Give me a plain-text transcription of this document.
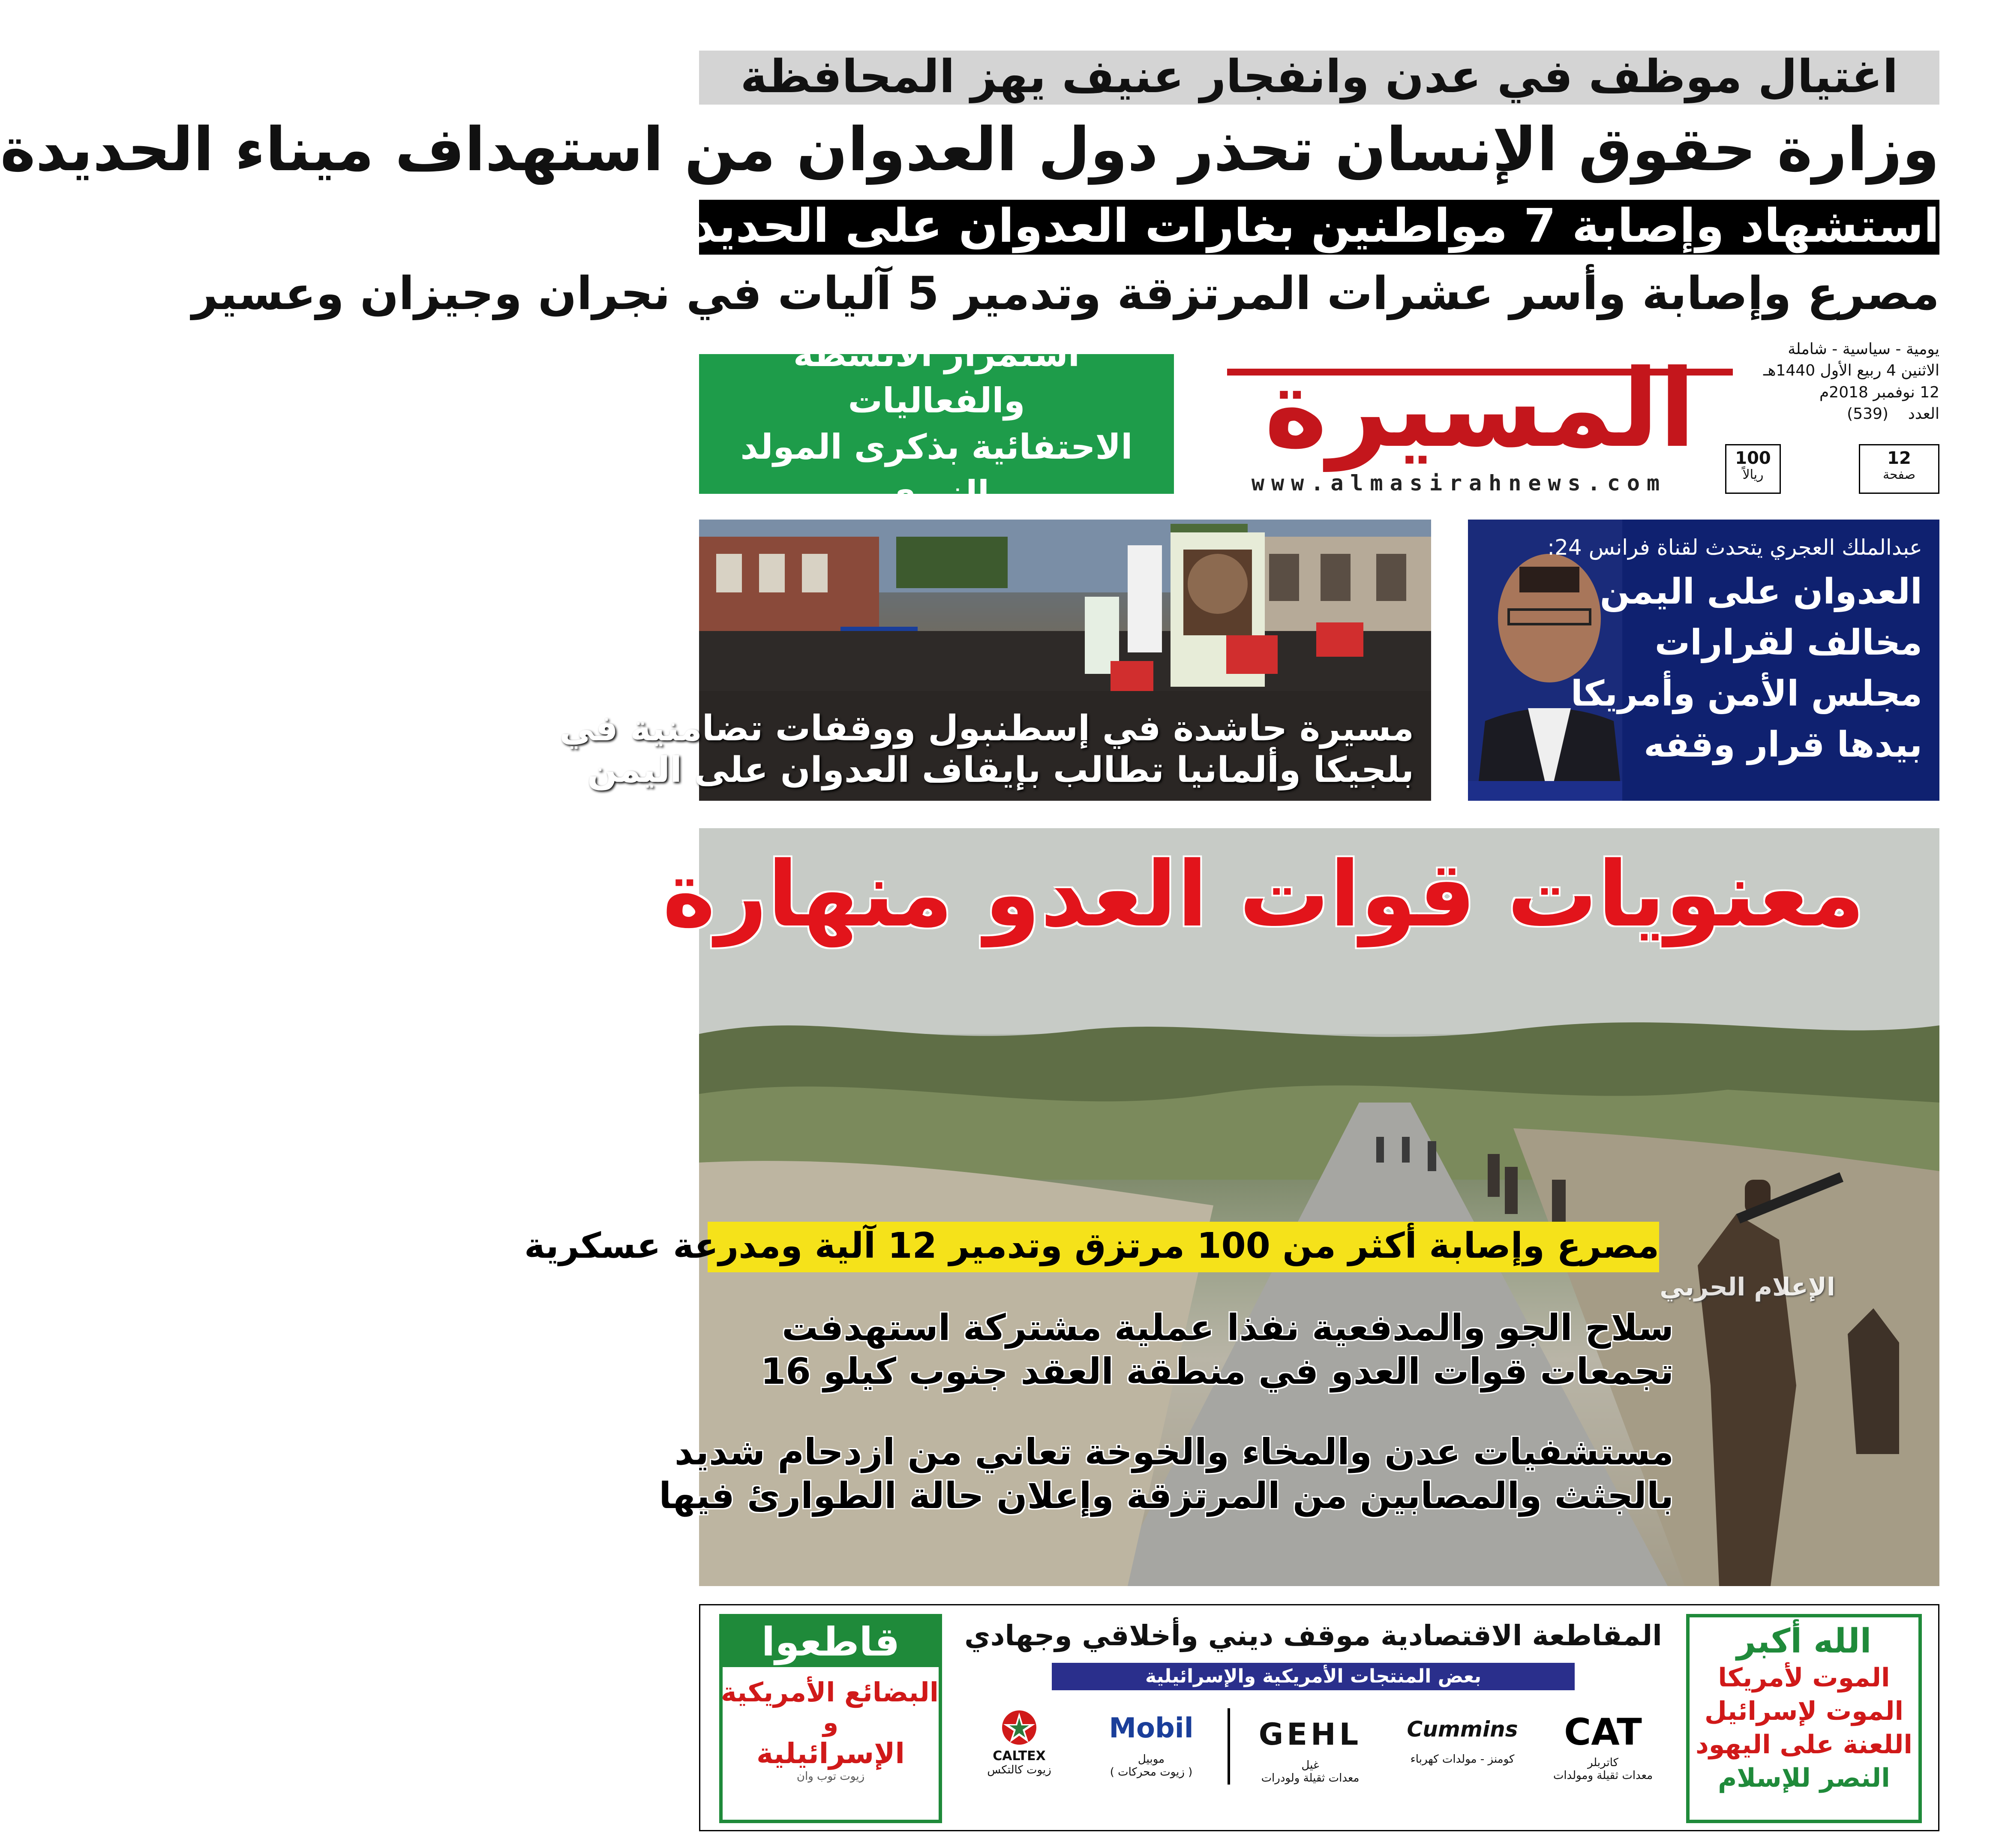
اغتيال موظف في عدن وانفجار عنيف يهز المحافظة
وزارة حقوق الإنسان تحذر دول العدوان من استهداف ميناء الحديدة
استشهاد وإصابة 7 مواطنين بغارات العدوان على الحديدة
مصرع وإصابة وأسر عشرات المرتزقة وتدمير 5 آليات في نجران وجيزان وعسير
استمرار الأنشطة والفعاليات
الاحتفائية بذكرى المولد النبوي
المسيرة
www.almasirahnews.com
يومية - سياسية - شاملة
الاثنين 4 ربيع الأول 1440هـ
12 نوفمبر 2018م
العدد    (539)
12
صفحة
100
ريالاً
مسيرة حاشدة في إسطنبول ووقفات تضامنية في
بلجيكا وألمانيا تطالب بإيقاف العدوان على اليمن
عبدالملك العجري يتحدث لقناة فرانس 24:
العدوان على اليمن
مخالف لقرارات
مجلس الأمن وأمريكا
بيدها قرار وقفه
معنويات قوات العدو منهارة
مصرع وإصابة أكثر من 100 مرتزق وتدمير 12 آلية ومدرعة عسكرية
الإعلام الحربي
سلاح الجو والمدفعية نفذا عملية مشتركة استهدفت
تجمعات قوات العدو في منطقة العقد جنوب كيلو 16
مستشفيات عدن والمخاء والخوخة تعاني من ازدحام شديد
بالجثث والمصابين من المرتزقة وإعلان حالة الطوارئ فيها
قاطعوا
البضائع الأمريكية
و
الإسرائيلية
زيوت توب وان
المقاطعة الاقتصادية موقف ديني وأخلاقي وجهادي
بعض المنتجات الأمريكية والإسرائيلية
CALTEX
زيوت كالتكس
Mobil
موبيل
( زيوت محركات )
GEHL
غيل
معدات ثقيلة ولودرات
Cummins
كومنز - مولدات كهرباء
CAT
كاتربلر
معدات ثقيلة ومولدات
الله أكبر
الموت لأمريكا
الموت لإسرائيل
اللعنة على اليهود
النصر للإسلام
